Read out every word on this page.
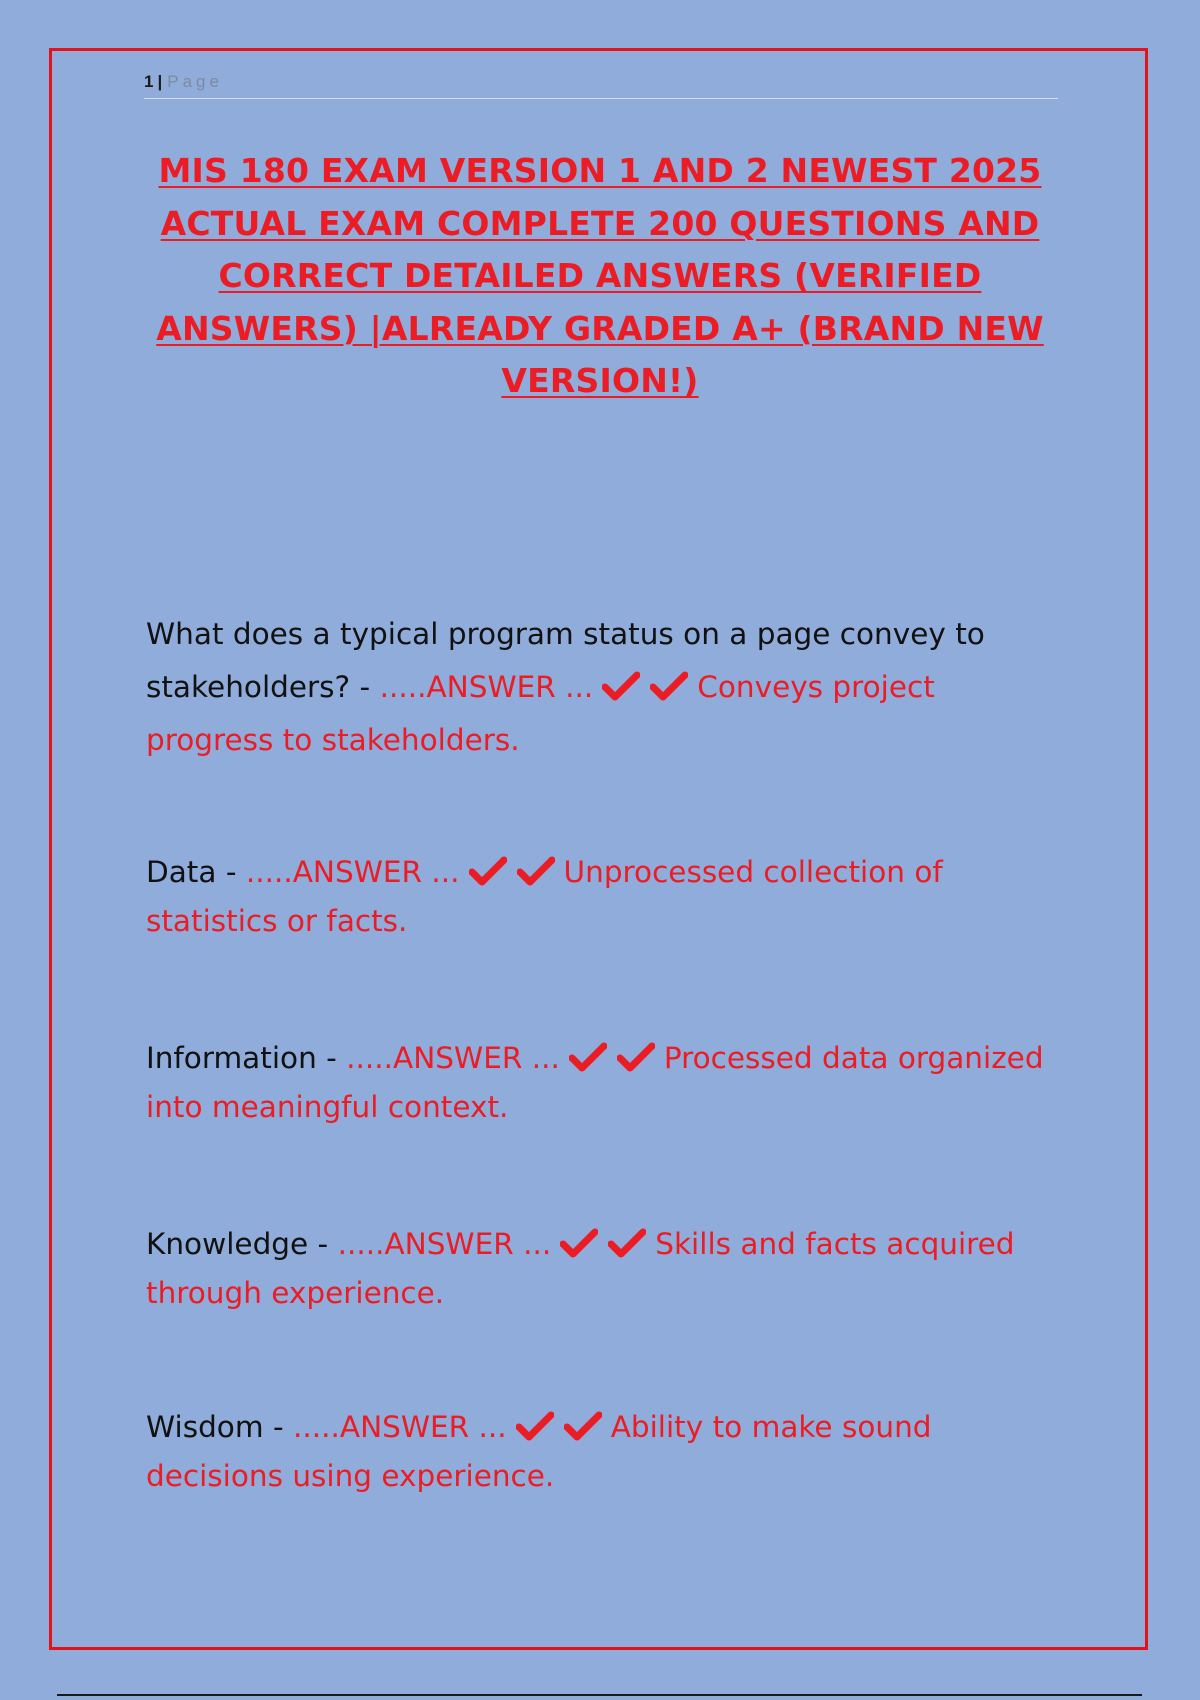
1 | Page
MIS 180 EXAM VERSION 1 AND 2 NEWEST 2025 ACTUAL EXAM COMPLETE 200 QUESTIONS AND CORRECT DETAILED ANSWERS (VERIFIED ANSWERS) |ALREADY GRADED A+ (BRAND NEW VERSION!)

What does a typical program status on a page convey to stakeholders? - .....ANSWER ...	Conveys project progress to stakeholders.

Data - .....ANSWER ...	Unprocessed collection of statistics or facts.

Information - .....ANSWER ...	Processed data organized into meaningful context.

Knowledge - .....ANSWER ...	Skills and facts acquired through experience.

Wisdom - .....ANSWER ...	Ability to make sound decisions using experience.
